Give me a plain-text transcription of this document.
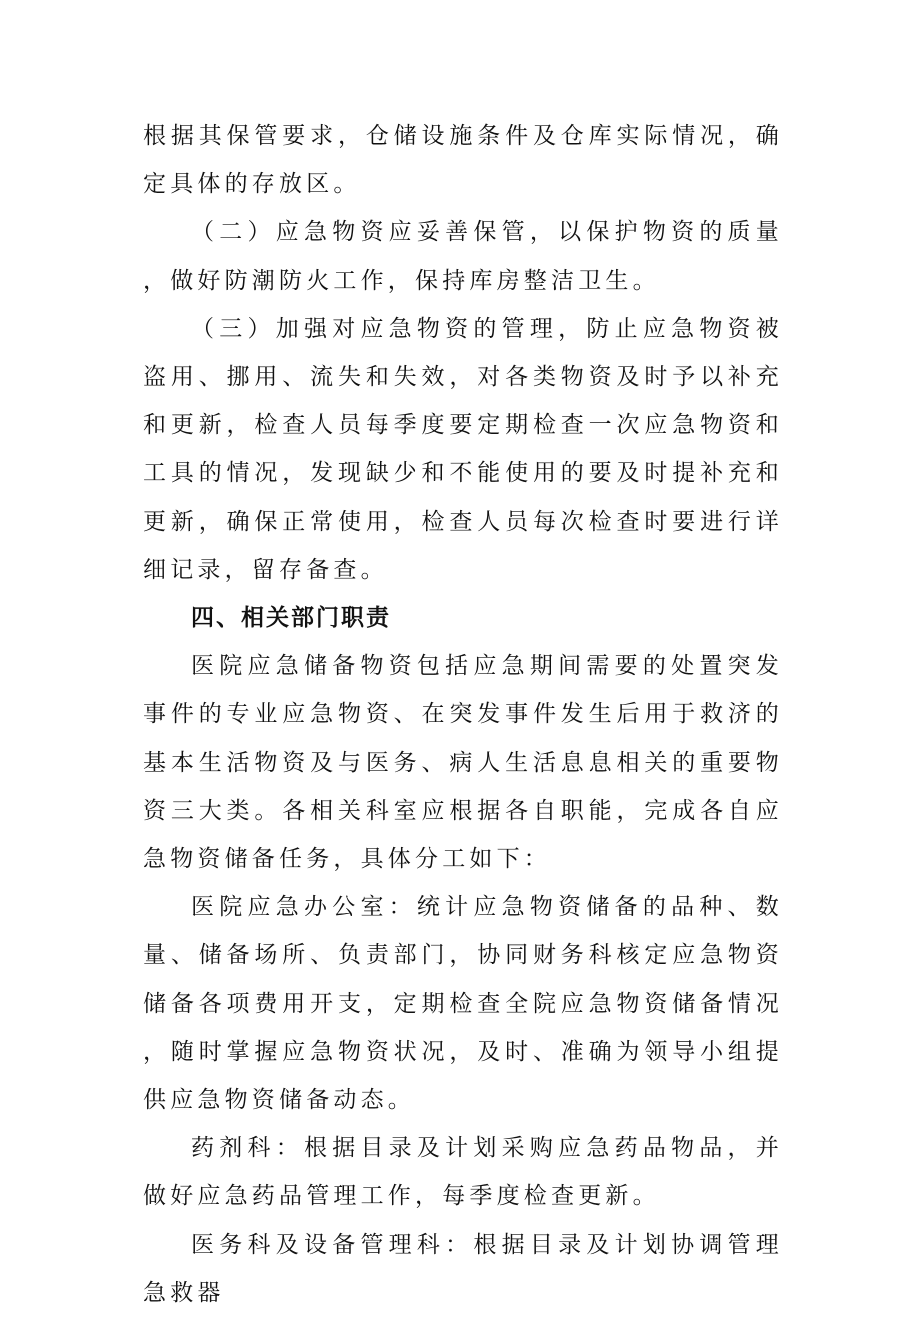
根据其保管要求，仓储设施条件及仓库实际情况，确定具体的存放区。

（二）应急物资应妥善保管，以保护物资的质量，做好防潮防火工作，保持库房整洁卫生。

（三）加强对应急物资的管理，防止应急物资被盗用、挪用、流失和失效，对各类物资及时予以补充和更新，检查人员每季度要定期检查一次应急物资和工具的情况，发现缺少和不能使用的要及时提补充和更新，确保正常使用，检查人员每次检查时要进行详细记录，留存备查。

四、相关部门职责

医院应急储备物资包括应急期间需要的处置突发事件的专业应急物资、在突发事件发生后用于救济的基本生活物资及与医务、病人生活息息相关的重要物资三大类。各相关科室应根据各自职能，完成各自应急物资储备任务，具体分工如下：

医院应急办公室：统计应急物资储备的品种、数量、储备场所、负责部门，协同财务科核定应急物资储备各项费用开支，定期检查全院应急物资储备情况，随时掌握应急物资状况，及时、准确为领导小组提供应急物资储备动态。

药剂科：根据目录及计划采购应急药品物品，并做好应急药品管理工作，每季度检查更新。

医务科及设备管理科：根据目录及计划协调管理急救器
